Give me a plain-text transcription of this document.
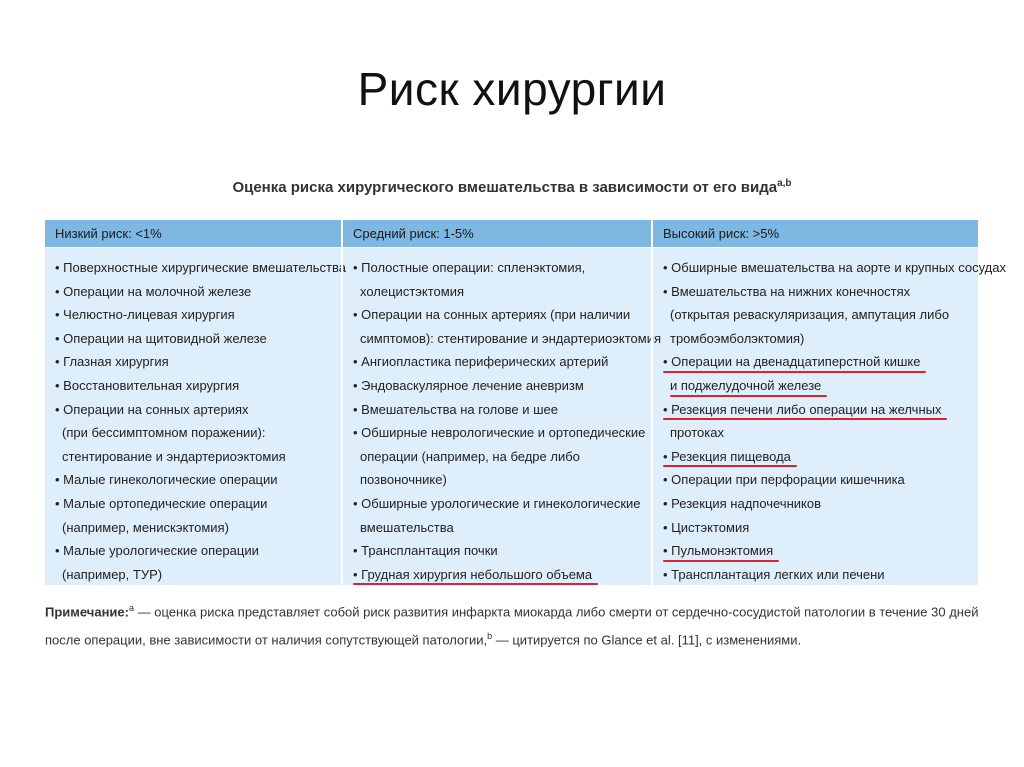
Риск хирургии
Оценка риска хирургического вмешательства в зависимости от его вида$^{a,b}$
Низкий риск: <1%
• Поверхностные хирургические вмешательства
• Операции на молочной железе
• Челюстно-лицевая хирургия
• Операции на щитовидной железе
• Глазная хирургия
• Восстановительная хирургия
• Операции на сонных артериях
(при бессимптомном поражении):
стентирование и эндартериоэктомия
• Малые гинекологические операции
• Малые ортопедические операции
(например, менискэктомия)
• Малые урологические операции
(например, ТУР)
Средний риск: 1-5%
• Полостные операции: спленэктомия,
холецистэктомия
• Операции на сонных артериях (при наличии
симптомов): стентирование и эндартериоэктомия
• Ангиопластика периферических артерий
• Эндоваскулярное лечение аневризм
• Вмешательства на голове и шее
• Обширные неврологические и ортопедические
операции (например, на бедре либо
позвоночнике)
• Обширные урологические и гинекологические
вмешательства
• Трансплантация почки
• Грудная хирургия небольшого объема
Высокий риск: >5%
• Обширные вмешательства на аорте и крупных сосудах
• Вмешательства на нижних конечностях
(открытая реваскуляризация, ампутация либо
тромбоэмболэктомия)
• Операции на двенадцатиперстной кишке
и поджелудочной железе
• Резекция печени либо операции на желчных
протоках
• Резекция пищевода
• Операции при перфорации кишечника
• Резекция надпочечников
• Цистэктомия
• Пульмонэктомия
• Трансплантация легких или печени
Примечание:$^a$ — оценка риска представляет собой риск развития инфаркта миокарда либо смерти от сердечно-сосудистой патологии в течение 30 дней после операции, вне зависимости от наличия сопутствующей патологии,$^b$ — цитируется по Glance et al. [11], с изменениями.
